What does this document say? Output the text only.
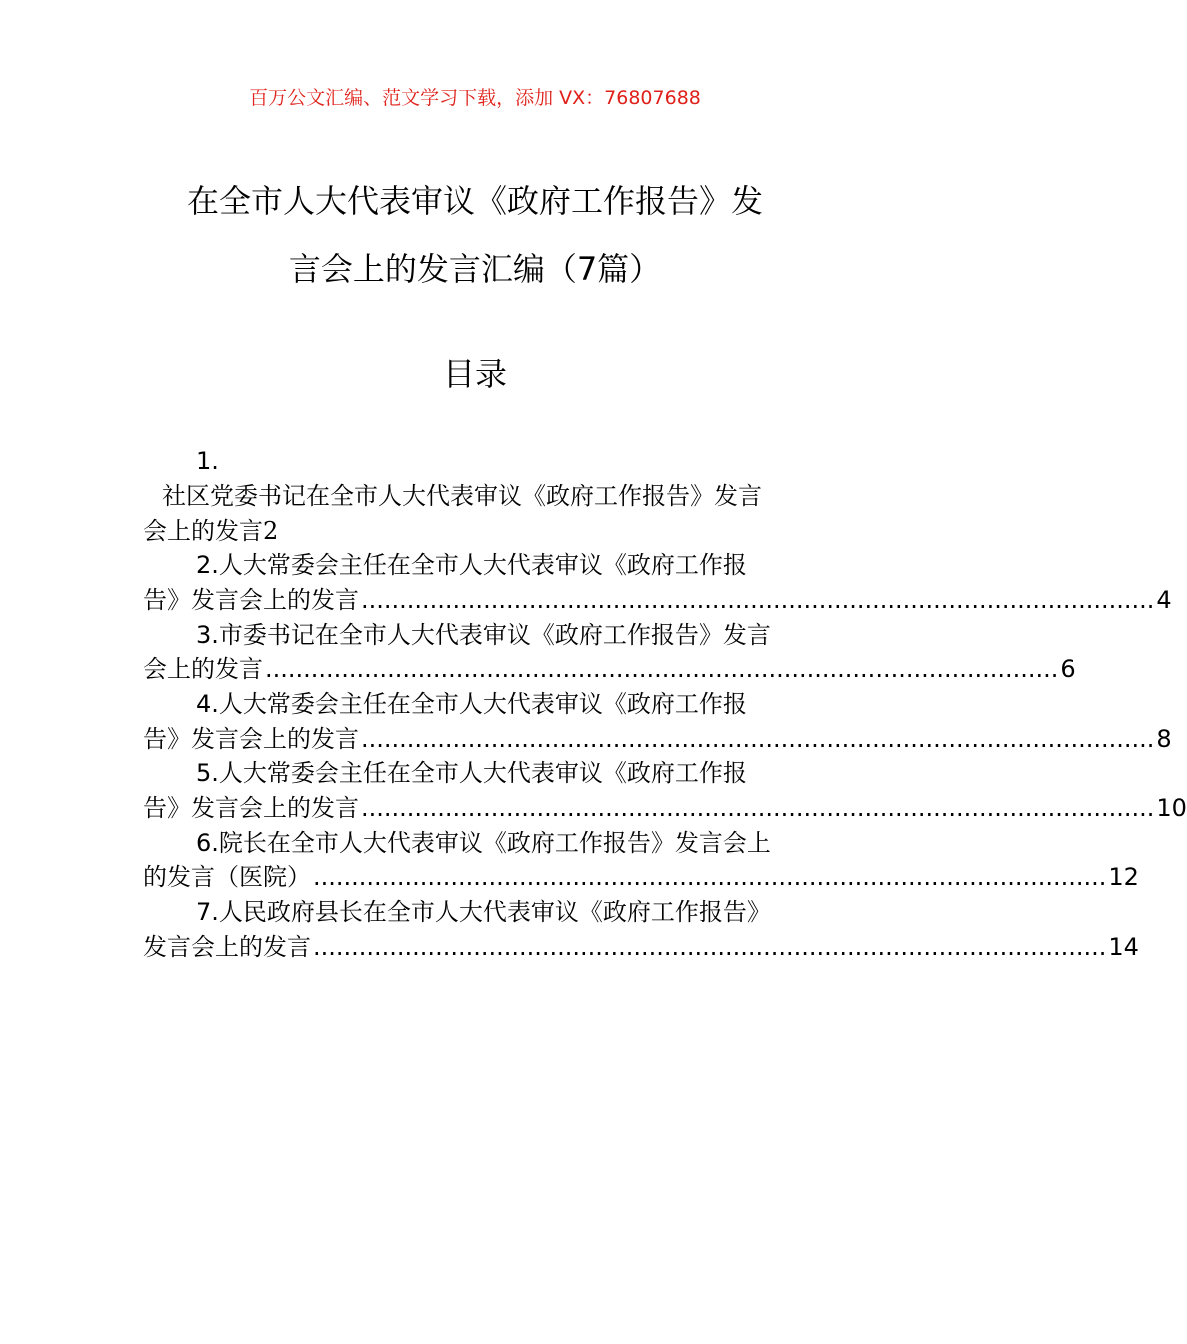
百万公文汇编、范文学习下载，添加 VX：76807688
在全市人大代表审议《政府工作报告》发
言会上的发言汇编（7篇）
目录
1.
社区党委书记在全市人大代表审议《政府工作报告》发言
会上的发言2
2.人大常委会主任在全市人大代表审议《政府工作报
告》发言会上的发言 ........................................................................................................ 4
3.市委书记在全市人大代表审议《政府工作报告》发言
会上的发言 ........................................................................................................ 6
4.人大常委会主任在全市人大代表审议《政府工作报
告》发言会上的发言 ........................................................................................................ 8
5.人大常委会主任在全市人大代表审议《政府工作报
告》发言会上的发言 ........................................................................................................ 10
6.院长在全市人大代表审议《政府工作报告》发言会上
的发言（医院） ........................................................................................................ 12
7.人民政府县长在全市人大代表审议《政府工作报告》
发言会上的发言 ........................................................................................................ 14
